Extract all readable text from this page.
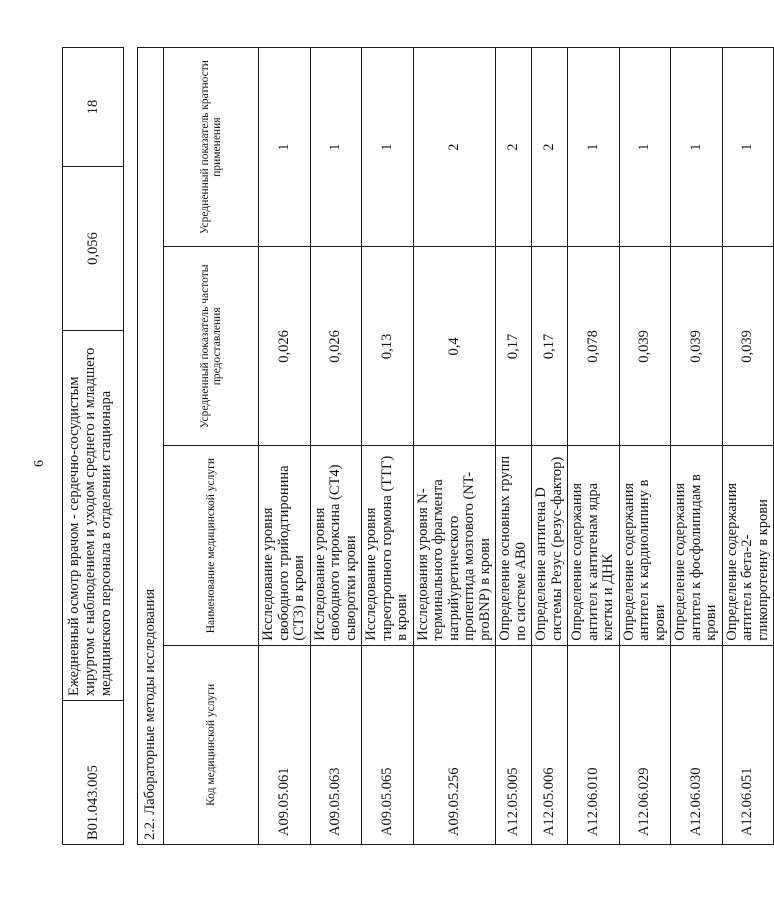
6
B01.043.005	Ежедневный осмотр врачом - сердечно-сосудистым хирургом с наблюдением и уходом среднего и младшего медицинского персонала в отделении стационара	0,056	18
2.2. Лабораторные методы исследования			
Код медицинской услуги	Наименование медицинской услуги	Усредненный показатель частоты предоставления	Усредненный показатель кратности применения
A09.05.061	Исследование уровня свободного трийодтиронина (СТ3) в крови	0,026	1
A09.05.063	Исследование уровня свободного тироксина (СТ4) сыворотки крови	0,026	1
A09.05.065	Исследование уровня тиреотропного гормона (ТТГ) в крови	0,13	1
A09.05.256	Исследования уровня N-терминального фрагмента натрийуретического пропептида мозгового (NT-proBNP) в крови	0,4	2
A12.05.005	Определение основных групп по системе АВ0	0,17	2
A12.05.006	Определение антигена D системы Резус (резус-фактор)	0,17	2
A12.06.010	Определение содержания антител к антигенам ядра клетки и ДНК	0,078	1
A12.06.029	Определение содержания антител к кардиолипину в крови	0,039	1
A12.06.030	Определение содержания антител к фосфолипидам в крови	0,039	1
A12.06.051	Определение содержания антител к бета-2-гликопротеину в крови	0,039	1
